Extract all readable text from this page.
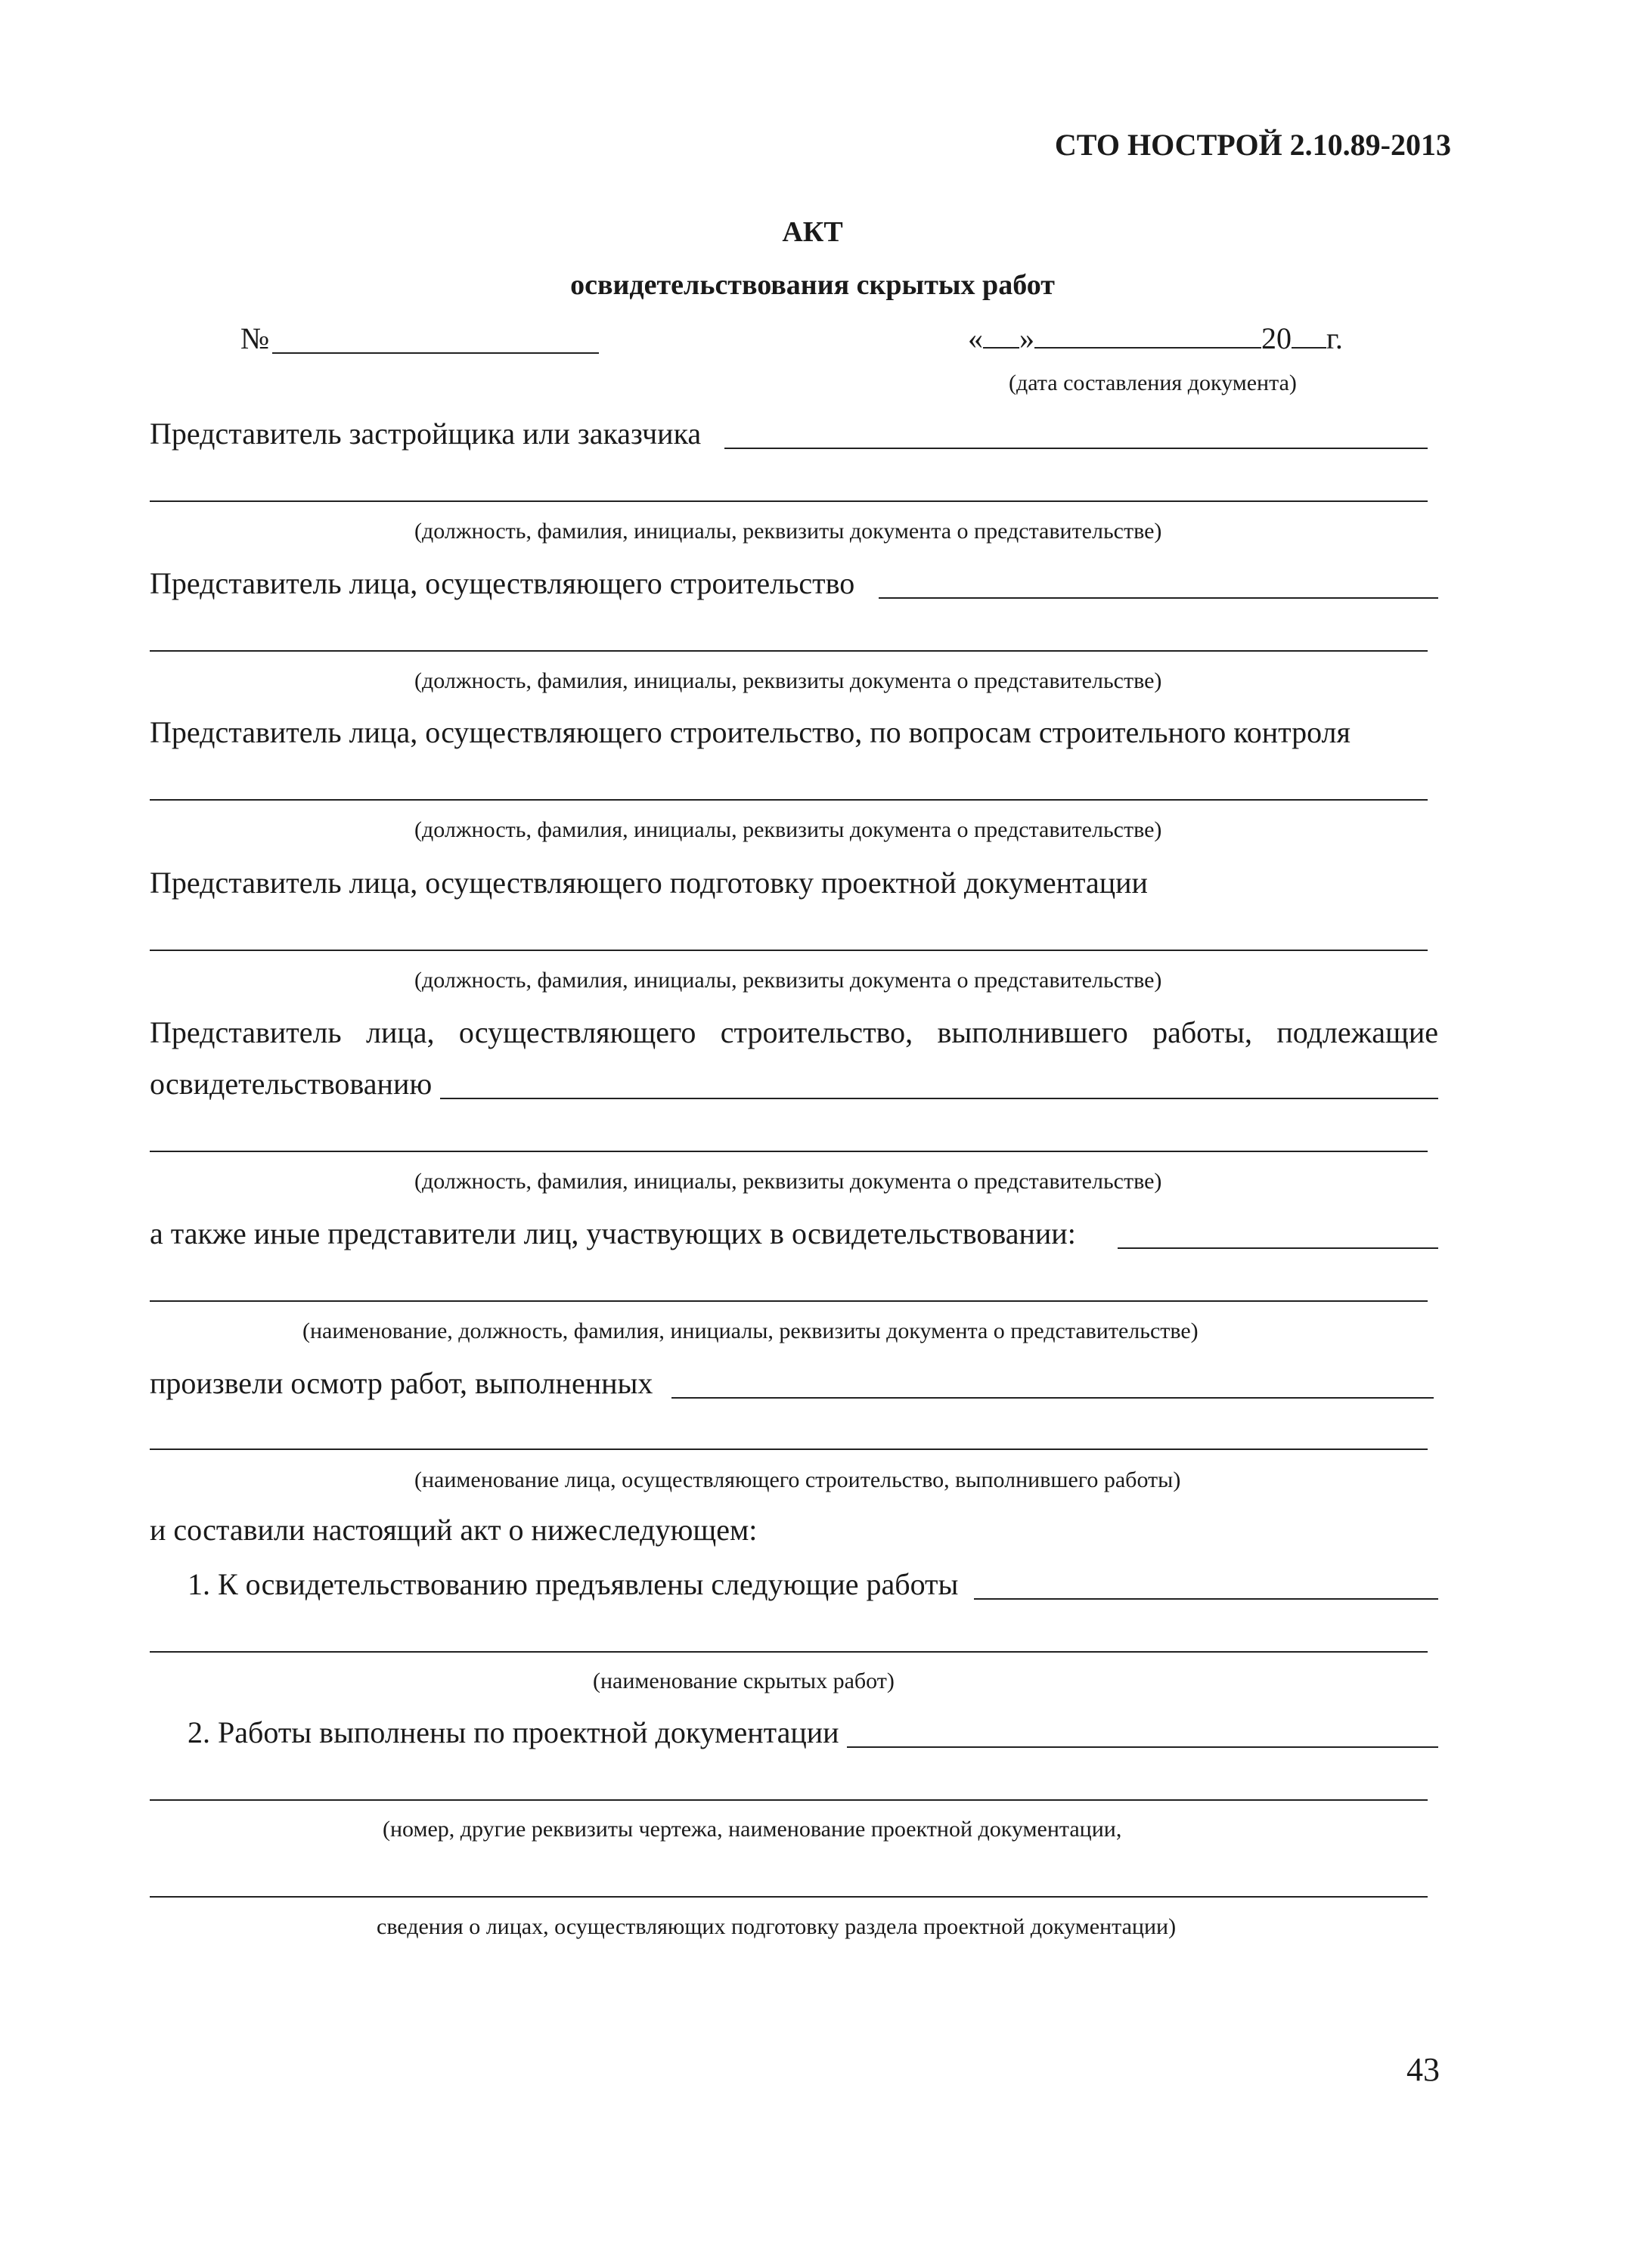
СТО НОСТРОЙ 2.10.89-2013
АКТ
освидетельствования скрытых работ
№	« »	20 г.
(дата составления документа)
Представитель застройщика или заказчика
(должность, фамилия, инициалы, реквизиты документа о представительстве)
Представитель лица, осуществляющего строительство
(должность, фамилия, инициалы, реквизиты документа о представительстве)
Представитель лица, осуществляющего строительство, по вопросам строительного контроля
(должность, фамилия, инициалы, реквизиты документа о представительстве)
Представитель лица, осуществляющего подготовку проектной документации
(должность, фамилия, инициалы, реквизиты документа о представительстве)
Представитель лица, осуществляющего строительство, выполнившего работы, подлежащие
освидетельствованию
(должность, фамилия, инициалы, реквизиты документа о представительстве)
а также иные представители лиц, участвующих в освидетельствовании:
(наименование, должность, фамилия, инициалы, реквизиты документа о представительстве)
произвели осмотр работ, выполненных
(наименование лица, осуществляющего строительство, выполнившего работы)
и составили настоящий акт о нижеследующем:
1. К освидетельствованию предъявлены следующие работы
(наименование скрытых работ)
2. Работы выполнены по проектной документации
(номер, другие реквизиты чертежа, наименование проектной документации,
сведения о лицах, осуществляющих подготовку раздела проектной документации)
43
